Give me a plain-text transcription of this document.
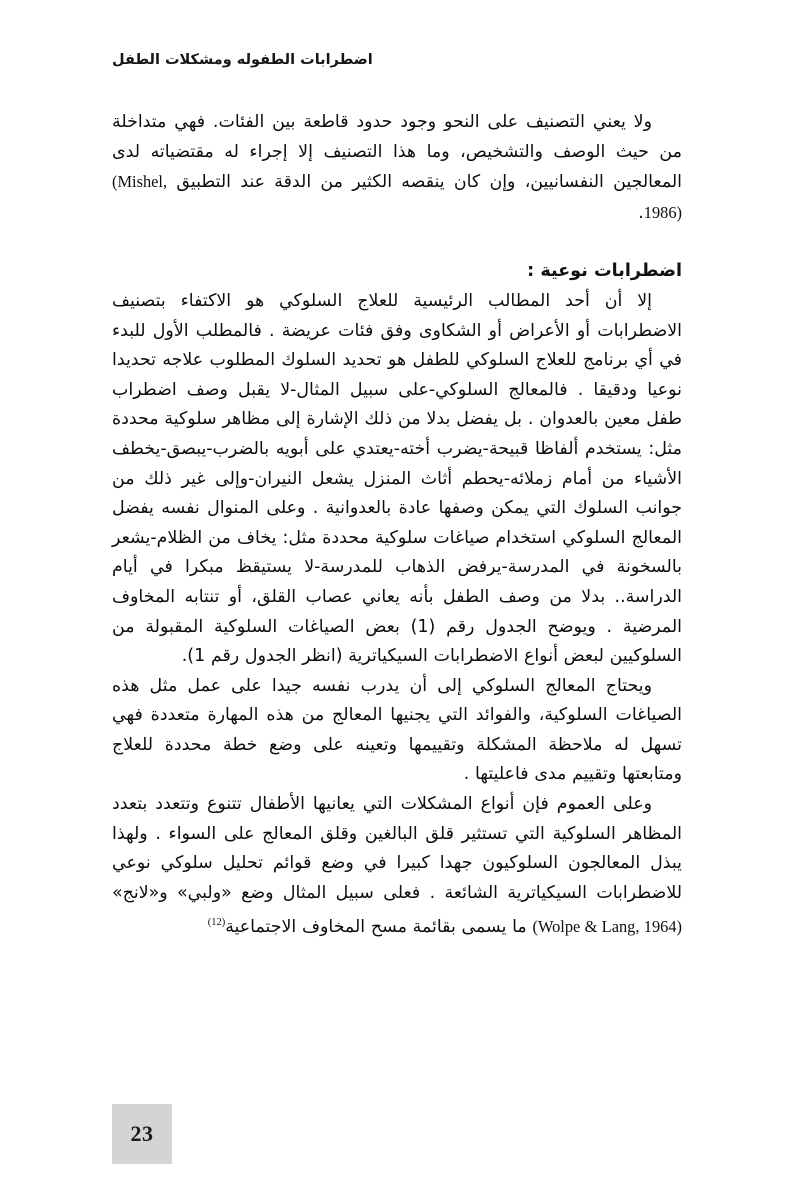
اضطرابات الطفوله ومشكلات الطفل

ولا يعني التصنيف على النحو وجود حدود قاطعة بين الفئات. فهي متداخلة من حيث الوصف والتشخيص، وما هذا التصنيف إلا إجراء له مقتضياته لدى المعالجين النفسانيين، وإن كان ينقصه الكثير من الدقة عند التطبيق (Mishel, 1986).

اضطرابات نوعية :

إلا أن أحد المطالب الرئيسية للعلاج السلوكي هو الاكتفاء بتصنيف الاضطرابات أو الأعراض أو الشكاوى وفق فئات عريضة . فالمطلب الأول للبدء في أي برنامج للعلاج السلوكي للطفل هو تحديد السلوك المطلوب علاجه تحديدا نوعيا ودقيقا . فالمعالج السلوكي-على سبيل المثال-لا يقبل وصف اضطراب طفل معين بالعدوان . بل يفضل بدلا من ذلك الإشارة إلى مظاهر سلوكية محددة مثل: يستخدم ألفاظا قبيحة-يضرب أخته-يعتدي على أبويه بالضرب-يبصق-يخطف الأشياء من أمام زملائه-يحطم أثاث المنزل يشعل النيران-وإلى غير ذلك من جوانب السلوك التي يمكن وصفها عادة بالعدوانية . وعلى المنوال نفسه يفضل المعالج السلوكي استخدام صياغات سلوكية محددة مثل: يخاف من الظلام-يشعر بالسخونة في المدرسة-يرفض الذهاب للمدرسة-لا يستيقظ مبكرا في أيام الدراسة.. بدلا من وصف الطفل بأنه يعاني عصاب القلق، أو تنتابه المخاوف المرضية . ويوضح الجدول رقم (1) بعض الصياغات السلوكية المقبولة من السلوكيين لبعض أنواع الاضطرابات السيكياترية (انظر الجدول رقم 1).

ويحتاج المعالج السلوكي إلى أن يدرب نفسه جيدا على عمل مثل هذه الصياغات السلوكية، والفوائد التي يجنيها المعالج من هذه المهارة متعددة فهي تسهل له ملاحظة المشكلة وتقييمها وتعينه على وضع خطة محددة للعلاج ومتابعتها وتقييم مدى فاعليتها .

وعلى العموم فإن أنواع المشكلات التي يعانيها الأطفال تتنوع وتتعدد بتعدد المظاهر السلوكية التي تستثير قلق البالغين وقلق المعالج على السواء . ولهذا يبذل المعالجون السلوكيون جهدا كبيرا في وضع قوائم تحليل سلوكي نوعي للاضطرابات السيكياترية الشائعة . فعلى سبيل المثال وضع «ولبي» و«لانج» (Wolpe & Lang, 1964) ما يسمى بقائمة مسح المخاوف الاجتماعية$^{(12)}$

23
